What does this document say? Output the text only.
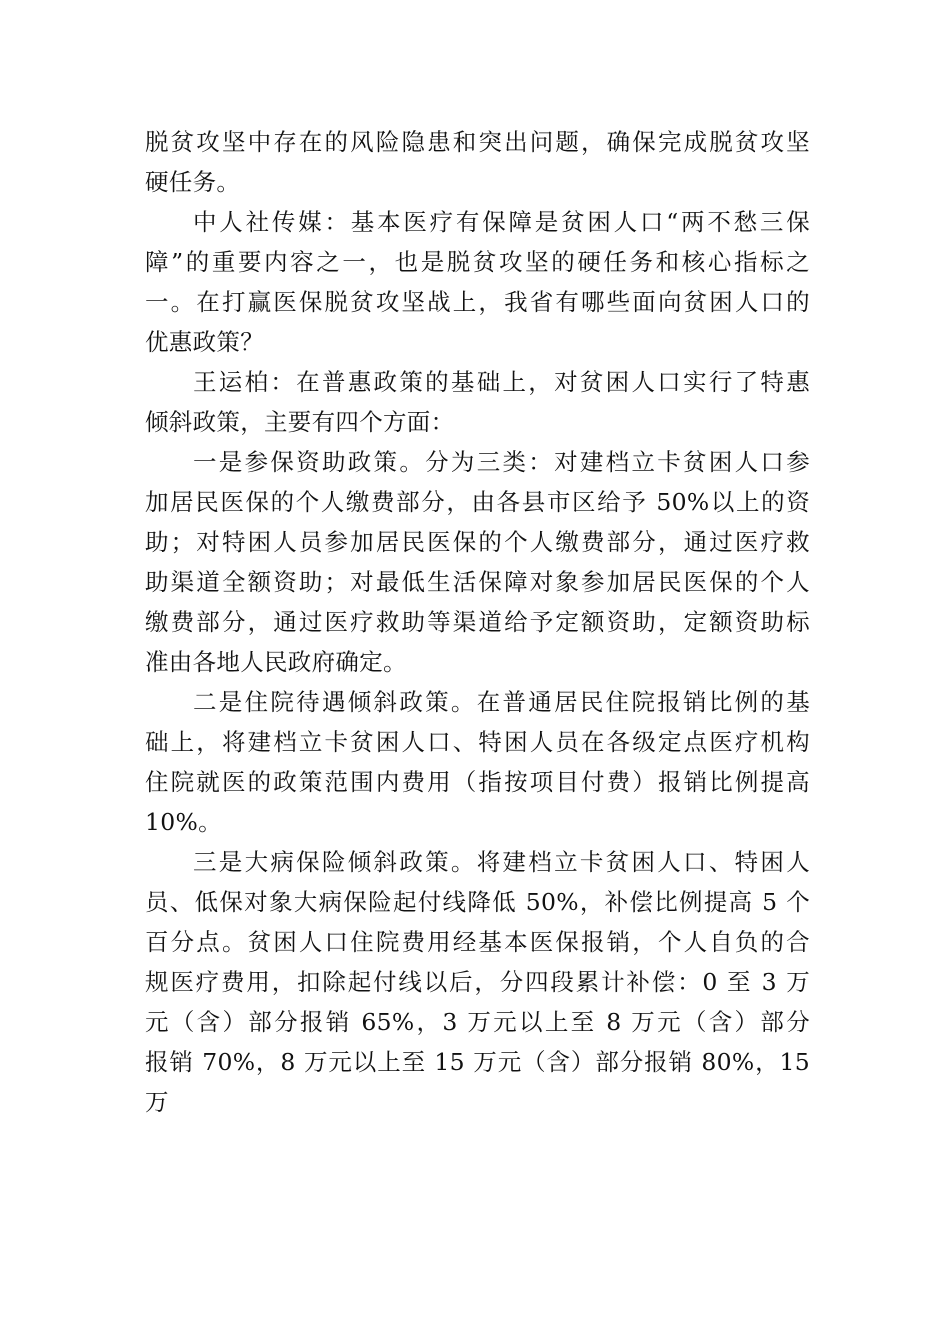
脱贫攻坚中存在的风险隐患和突出问题，确保完成脱贫攻坚
硬任务。
中人社传媒：基本医疗有保障是贫困人口“两不愁三保
障”的重要内容之一，也是脱贫攻坚的硬任务和核心指标之
一。在打赢医保脱贫攻坚战上，我省有哪些面向贫困人口的
优惠政策？
王运柏：在普惠政策的基础上，对贫困人口实行了特惠
倾斜政策，主要有四个方面：
一是参保资助政策。分为三类：对建档立卡贫困人口参
加居民医保的个人缴费部分，由各县市区给予 50%以上的资
助；对特困人员参加居民医保的个人缴费部分，通过医疗救
助渠道全额资助；对最低生活保障对象参加居民医保的个人
缴费部分，通过医疗救助等渠道给予定额资助，定额资助标
准由各地人民政府确定。
二是住院待遇倾斜政策。在普通居民住院报销比例的基
础上，将建档立卡贫困人口、特困人员在各级定点医疗机构
住院就医的政策范围内费用（指按项目付费）报销比例提高
10%。
三是大病保险倾斜政策。将建档立卡贫困人口、特困人
员、低保对象大病保险起付线降低 50%，补偿比例提高 5 个
百分点。贫困人口住院费用经基本医保报销，个人自负的合
规医疗费用，扣除起付线以后，分四段累计补偿：0 至 3 万
元（含）部分报销 65%，3 万元以上至 8 万元（含）部分
报销 70%，8 万元以上至 15 万元（含）部分报销 80%，15
万
